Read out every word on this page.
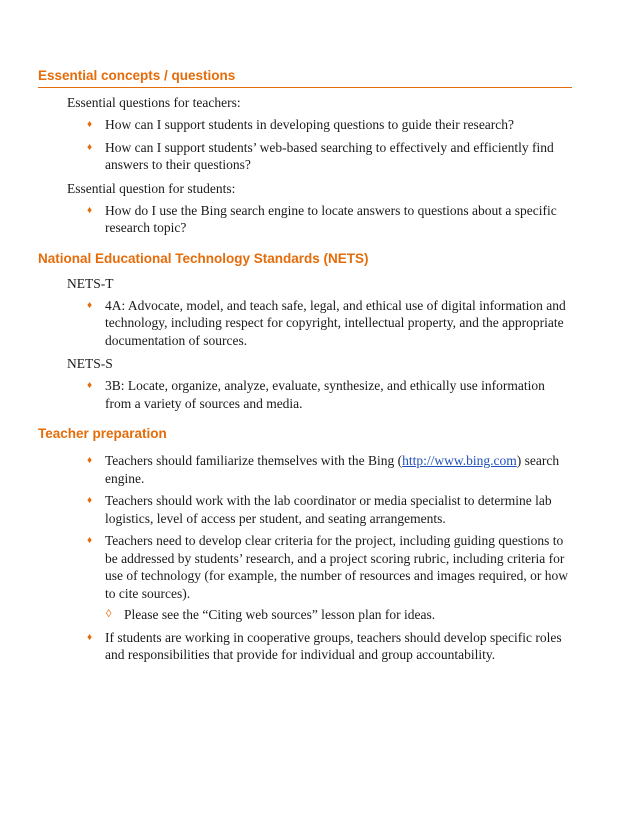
Essential concepts / questions
Essential questions for teachers:
♦ How can I support students in developing questions to guide their research?
♦ How can I support students’ web-based searching to effectively and efficiently find answers to their questions?
Essential question for students:
♦ How do I use the Bing search engine to locate answers to questions about a specific research topic?
National Educational Technology Standards (NETS)
NETS-T
♦ 4A: Advocate, model, and teach safe, legal, and ethical use of digital information and technology, including respect for copyright, intellectual property, and the appropriate documentation of sources.
NETS-S
♦ 3B: Locate, organize, analyze, evaluate, synthesize, and ethically use information from a variety of sources and media.
Teacher preparation
♦ Teachers should familiarize themselves with the Bing (http://www.bing.com) search engine.
♦ Teachers should work with the lab coordinator or media specialist to determine lab logistics, level of access per student, and seating arrangements.
♦ Teachers need to develop clear criteria for the project, including guiding questions to be addressed by students’ research, and a project scoring rubric, including criteria for use of technology (for example, the number of resources and images required, or how to cite sources).
◊ Please see the “Citing web sources” lesson plan for ideas.
♦ If students are working in cooperative groups, teachers should develop specific roles and responsibilities that provide for individual and group accountability.
